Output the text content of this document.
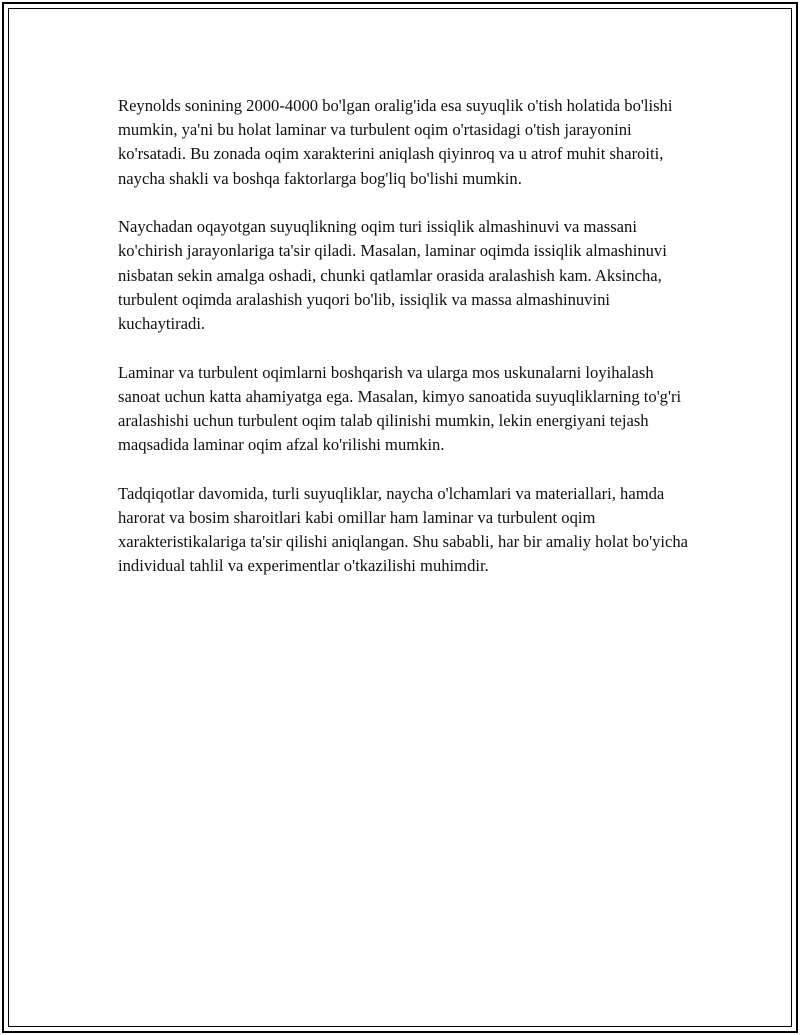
Reynolds sonining 2000-4000 bo'lgan oralig'ida esa suyuqlik o'tish holatida bo'lishi mumkin, ya'ni bu holat laminar va turbulent oqim o'rtasidagi o'tish jarayonini ko'rsatadi. Bu zonada oqim xarakterini aniqlash qiyinroq va u atrof muhit sharoiti, naycha shakli va boshqa faktorlarga bog'liq bo'lishi mumkin.

Naychadan oqayotgan suyuqlikning oqim turi issiqlik almashinuvi va massani ko'chirish jarayonlariga ta'sir qiladi. Masalan, laminar oqimda issiqlik almashinuvi nisbatan sekin amalga oshadi, chunki qatlamlar orasida aralashish kam. Aksincha, turbulent oqimda aralashish yuqori bo'lib, issiqlik va massa almashinuvini kuchaytiradi.

Laminar va turbulent oqimlarni boshqarish va ularga mos uskunalarni loyihalash sanoat uchun katta ahamiyatga ega. Masalan, kimyo sanoatida suyuqliklarning to'g'ri aralashishi uchun turbulent oqim talab qilinishi mumkin, lekin energiyani tejash maqsadida laminar oqim afzal ko'rilishi mumkin.

Tadqiqotlar davomida, turli suyuqliklar, naycha o'lchamlari va materiallari, hamda harorat va bosim sharoitlari kabi omillar ham laminar va turbulent oqim xarakteristikalariga ta'sir qilishi aniqlangan. Shu sababli, har bir amaliy holat bo'yicha individual tahlil va experimentlar o'tkazilishi muhimdir.
